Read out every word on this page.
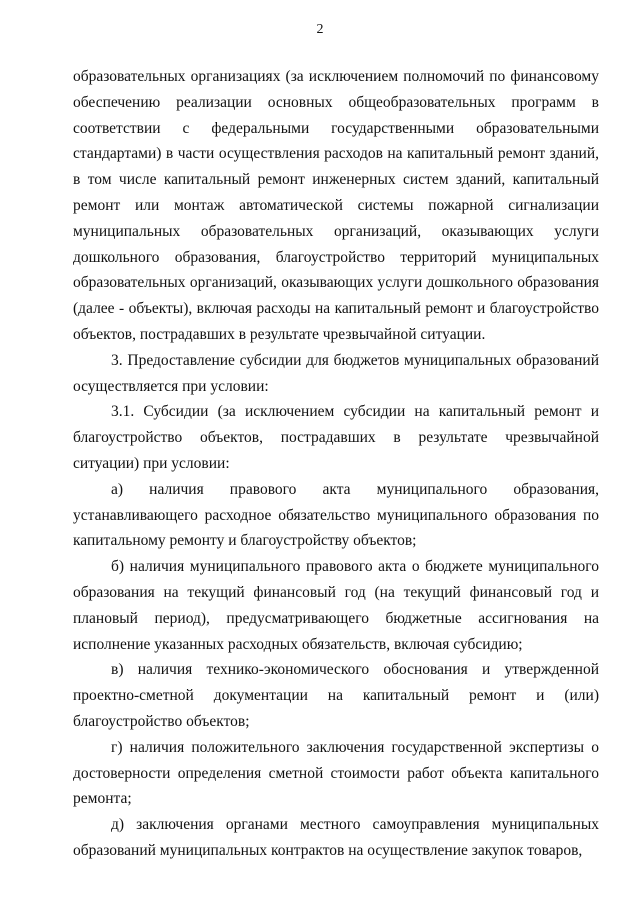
2

образовательных организациях (за исключением полномочий по финансовому обеспечению реализации основных общеобразовательных программ в соответствии с федеральными государственными образовательными стандартами) в части осуществления расходов на капитальный ремонт зданий, в том числе капитальный ремонт инженерных систем зданий, капитальный ремонт или монтаж автоматической системы пожарной сигнализации муниципальных образовательных организаций, оказывающих услуги дошкольного образования, благоустройство территорий муниципальных образовательных организаций, оказывающих услуги дошкольного образования (далее - объекты), включая расходы на капитальный ремонт и благоустройство объектов, пострадавших в результате чрезвычайной ситуации.

3. Предоставление субсидии для бюджетов муниципальных образований осуществляется при условии:

3.1. Субсидии (за исключением субсидии на капитальный ремонт и благоустройство объектов, пострадавших в результате чрезвычайной ситуации) при условии:

а) наличия правового акта муниципального образования, устанавливающего расходное обязательство муниципального образования по капитальному ремонту и благоустройству объектов;

б) наличия муниципального правового акта о бюджете муниципального образования на текущий финансовый год (на текущий финансовый год и плановый период), предусматривающего бюджетные ассигнования на исполнение указанных расходных обязательств, включая субсидию;

в) наличия технико-экономического обоснования и утвержденной проектно-сметной документации на капитальный ремонт и (или) благоустройство объектов;

г) наличия положительного заключения государственной экспертизы о достоверности определения сметной стоимости работ объекта капитального ремонта;

д) заключения органами местного самоуправления муниципальных образований муниципальных контрактов на осуществление закупок товаров,
